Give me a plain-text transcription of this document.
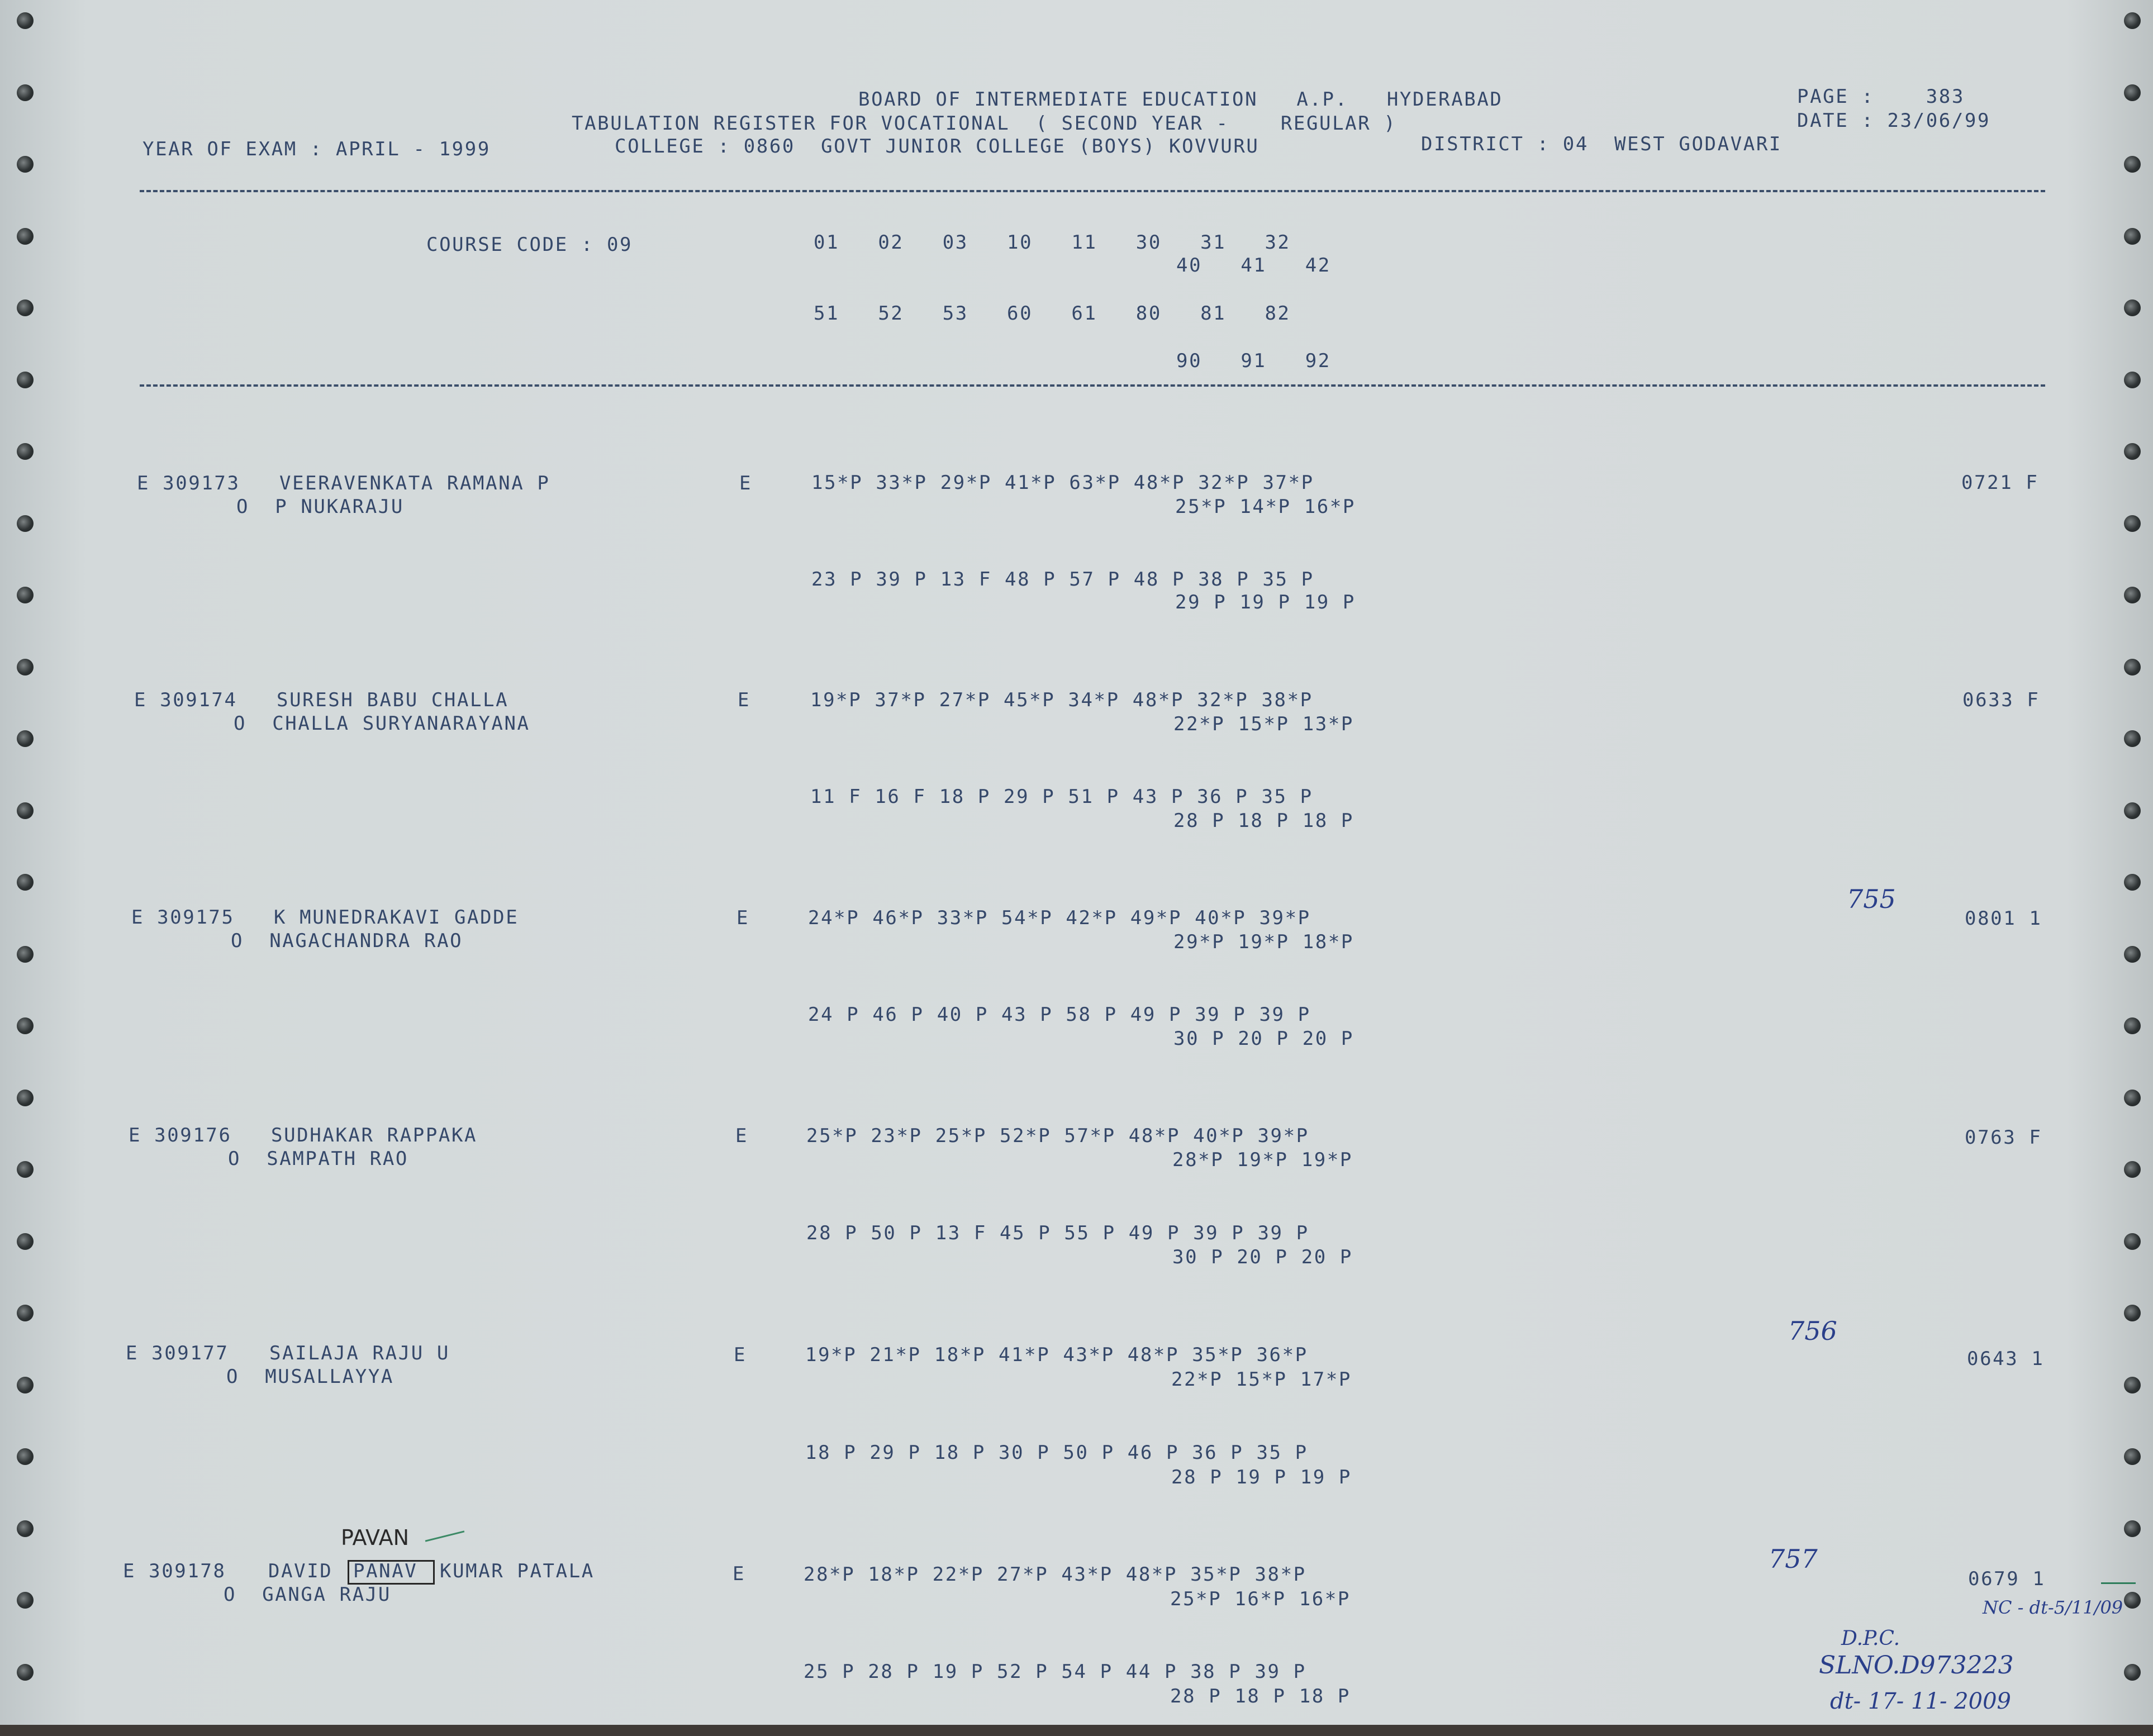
BOARD OF INTERMEDIATE EDUCATION   A.P.   HYDERABAD	PAGE :    383
TABULATION REGISTER FOR VOCATIONAL  ( SECOND YEAR -    REGULAR )	DATE : 23/06/99
YEAR OF EXAM : APRIL - 1999	COLLEGE : 0860  GOVT JUNIOR COLLEGE (BOYS) KOVVURU	DISTRICT : 04  WEST GODAVARI
COURSE CODE : 09	01   02   03   10   11   30   31   32
40   41   42
51   52   53   60   61   80   81   82
90   91   92
E 309173 VEERAVENKATA RAMANA P
O  P NUKARAJU
E	15*P 33*P 29*P 41*P 63*P 48*P 32*P 37*P
25*P 14*P 16*P
23 P 39 P 13 F 48 P 57 P 48 P 38 P 35 P
29 P 19 P 19 P
0721 F
E 309174 SURESH BABU CHALLA
O  CHALLA SURYANARAYANA
E	19*P 37*P 27*P 45*P 34*P 48*P 32*P 38*P
22*P 15*P 13*P
11 F 16 F 18 P 29 P 51 P 43 P 36 P 35 P
28 P 18 P 18 P
0633 F
E 309175 K MUNEDRAKAVI GADDE
O  NAGACHANDRA RAO
E	24*P 46*P 33*P 54*P 42*P 49*P 40*P 39*P
29*P 19*P 18*P
24 P 46 P 40 P 43 P 58 P 49 P 39 P 39 P
30 P 20 P 20 P
0801 1
E 309176 SUDHAKAR RAPPAKA
O  SAMPATH RAO
E	25*P 23*P 25*P 52*P 57*P 48*P 40*P 39*P
28*P 19*P 19*P
28 P 50 P 13 F 45 P 55 P 49 P 39 P 39 P
30 P 20 P 20 P
0763 F
E 309177 SAILAJA RAJU U
O  MUSALLAYYA
E	19*P 21*P 18*P 41*P 43*P 48*P 35*P 36*P
22*P 15*P 17*P
18 P 29 P 18 P 30 P 50 P 46 P 36 P 35 P
28 P 19 P 19 P
0643 1
E 309178 DAVID PANAV KUMAR PATALA
O  GANGA RAJU
E	28*P 18*P 22*P 27*P 43*P 48*P 35*P 38*P
25*P 16*P 16*P
25 P 28 P 19 P 52 P 54 P 44 P 38 P 39 P
28 P 18 P 18 P
0679 1
755
756
757
PAVAN
NC - dt-5/11/09
D.P.C.
SLNO.D973223
dt- 17- 11- 2009
